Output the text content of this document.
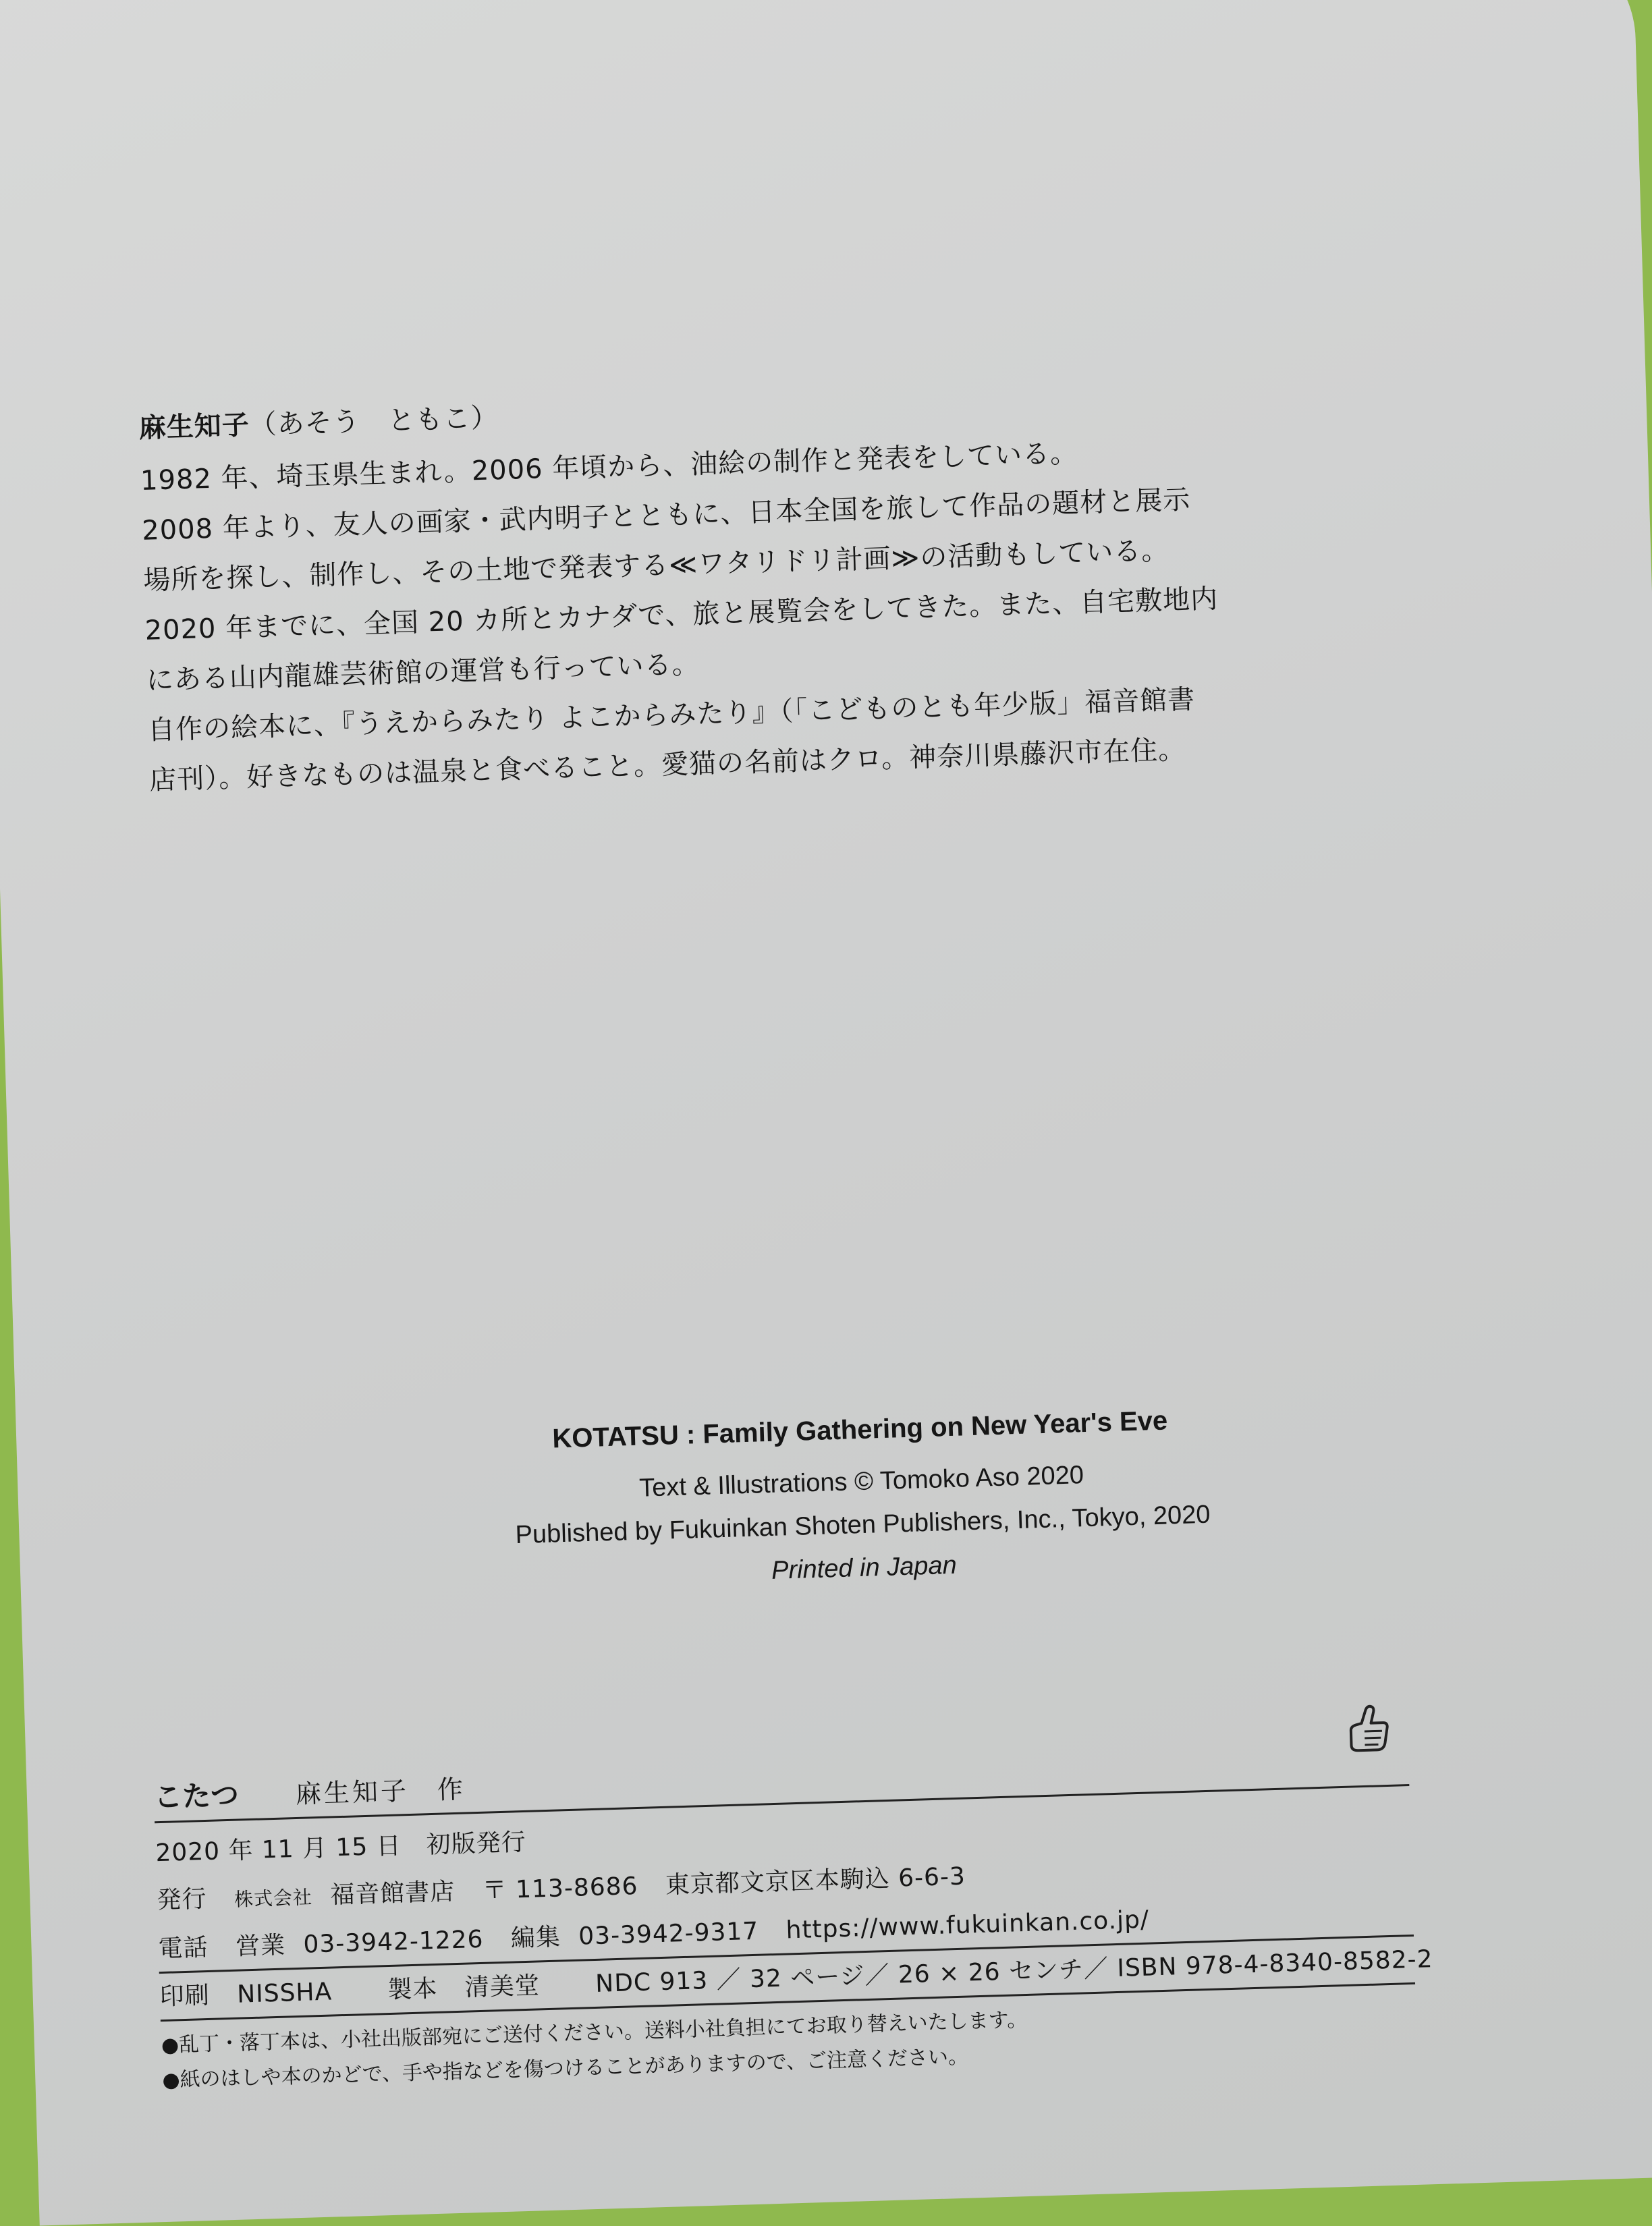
麻生知子（あそう　ともこ）
1982 年、埼玉県生まれ。2006 年頃から、油絵の制作と発表をしている。
2008 年より、友人の画家・武内明子とともに、日本全国を旅して作品の題材と展示
場所を探し、制作し、その土地で発表する≪ワタリドリ計画≫の活動もしている。
2020 年までに、全国 20 カ所とカナダで、旅と展覧会をしてきた。また、自宅敷地内
にある山内龍雄芸術館の運営も行っている。
自作の絵本に、『うえからみたり よこからみたり』（「こどものとも年少版」福音館書
店刊）。好きなものは温泉と食べること。愛猫の名前はクロ。神奈川県藤沢市在住。
KOTATSU : Family Gathering on New Year's Eve
Text & Illustrations © Tomoko Aso 2020
Published by Fukuinkan Shoten Publishers, Inc., Tokyo, 2020
Printed in Japan
こたつ	麻生知子　作
2020 年 11 月 15 日　初版発行
発行 株式会社 福音館書店 〒 113-8686 東京都文京区本駒込 6-6-3
電話 営業 03-3942-1226 編集 03-3942-9317 https://www.fukuinkan.co.jp/
印刷 NISSHA 製本 清美堂 NDC 913 ／ 32 ページ／ 26 × 26 センチ／ ISBN 978-4-8340-8582-2
●乱丁・落丁本は、小社出版部宛にご送付ください。送料小社負担にてお取り替えいたします。
●紙のはしや本のかどで、手や指などを傷つけることがありますので、ご注意ください。
